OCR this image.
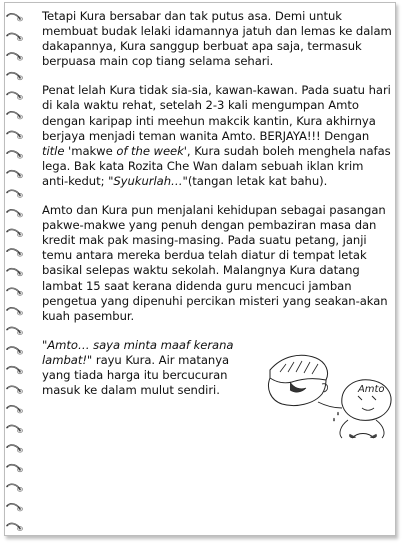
Tetapi Kura bersabar dan tak putus asa. Demi untuk membuat budak lelaki idamannya jatuh dan lemas ke dalam dakapannya, Kura sanggup berbuat apa saja, termasuk berpuasa main cop tiang selama sehari.

Penat lelah Kura tidak sia-sia, kawan-kawan. Pada suatu hari di kala waktu rehat, setelah 2-3 kali mengumpan Amto dengan karipap inti meehun makcik kantin, Kura akhirnya berjaya menjadi teman wanita Amto. BERJAYA!!! Dengan title 'makwe of the week', Kura sudah boleh menghela nafas lega. Bak kata Rozita Che Wan dalam sebuah iklan krim anti-kedut; "Syukurlah…"(tangan letak kat bahu).

Amto dan Kura pun menjalani kehidupan sebagai pasangan pakwe-makwe yang penuh dengan pembaziran masa dan kredit mak pak masing-masing. Pada suatu petang, janji temu antara mereka berdua telah diatur di tempat letak basikal selepas waktu sekolah. Malangnya Kura datang lambat 15 saat kerana didenda guru mencuci jamban pengetua yang dipenuhi percikan misteri yang seakan-akan kuah pasembur.

"Amto… saya minta maaf kerana lambat!" rayu Kura. Air matanya yang tiada harga itu bercucuran masuk ke dalam mulut sendiri.	Amto
